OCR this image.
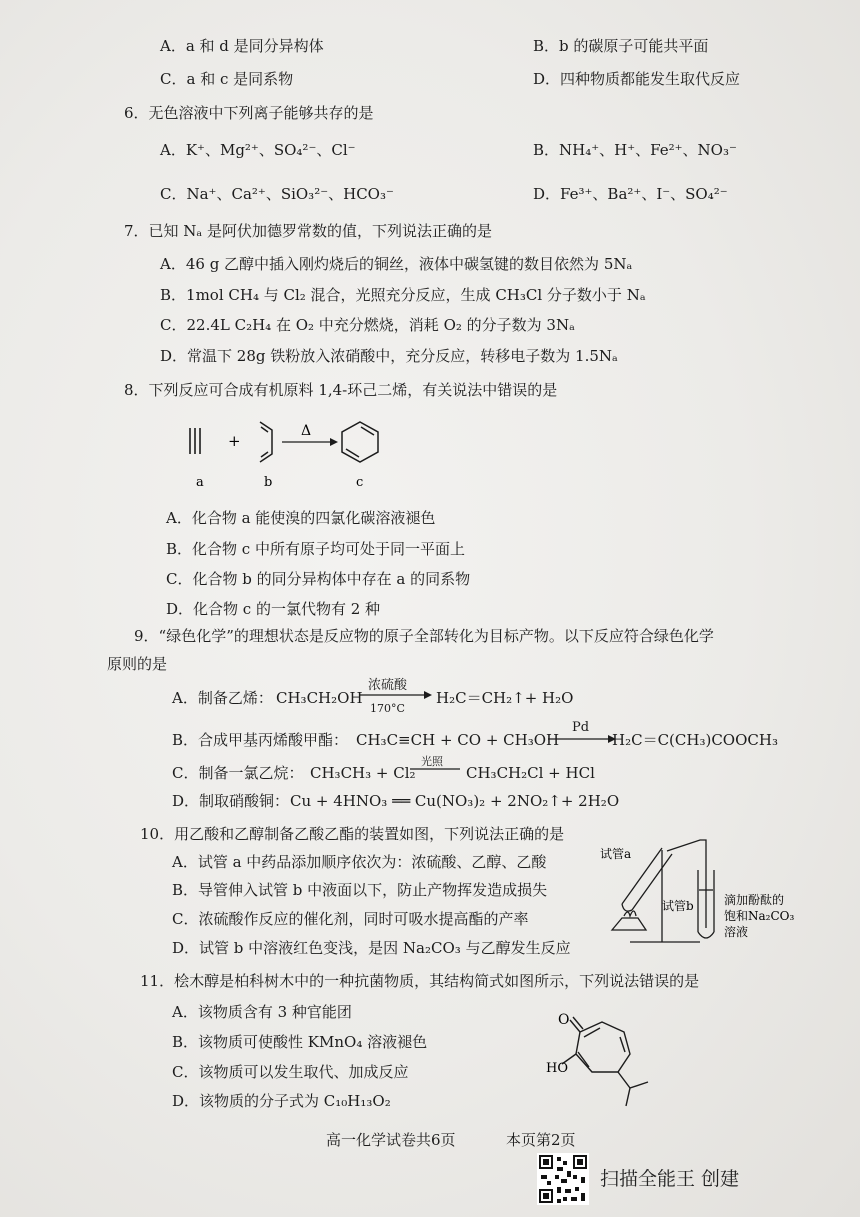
A．a 和 d 是同分异构体	B．b 的碳原子可能共平面
C．a 和 c 是同系物	D．四种物质都能发生取代反应
6．无色溶液中下列离子能够共存的是
A．K⁺、Mg²⁺、SO₄²⁻、Cl⁻	B．NH₄⁺、H⁺、Fe²⁺、NO₃⁻
C．Na⁺、Ca²⁺、SiO₃²⁻、HCO₃⁻	D．Fe³⁺、Ba²⁺、I⁻、SO₄²⁻
7．已知 Nₐ 是阿伏加德罗常数的值，下列说法正确的是
A．46 g 乙醇中插入刚灼烧后的铜丝，液体中碳氢键的数目依然为 5Nₐ
B．1mol CH₄ 与 Cl₂ 混合，光照充分反应，生成 CH₃Cl 分子数小于 Nₐ
C．22.4L C₂H₄ 在 O₂ 中充分燃烧，消耗 O₂ 的分子数为 3Nₐ
D．常温下 28g 铁粉放入浓硝酸中，充分反应，转移电子数为 1.5Nₐ
8．下列反应可合成有机原料 1,4-环己二烯，有关说法中错误的是
+
Δ
a	b	c
A．化合物 a 能使溴的四氯化碳溶液褪色
B．化合物 c 中所有原子均可处于同一平面上
C．化合物 b 的同分异构体中存在 a 的同系物
D．化合物 c 的一氯代物有 2 种
9．“绿色化学”的理想状态是反应物的原子全部转化为目标产物。以下反应符合绿色化学
原则的是
A．制备乙烯： CH₃CH₂OH
浓硫酸
170°C
H₂C＝CH₂↑+ H₂O
B．合成甲基丙烯酸甲酯： CH₃C≡CH + CO + CH₃OH
Pd
H₂C＝C(CH₃)COOCH₃
C．制备一氯乙烷： CH₃CH₃ + Cl₂
光照
CH₃CH₂Cl + HCl
D．制取硝酸铜： Cu + 4HNO₃ ══ Cu(NO₃)₂ + 2NO₂↑+ 2H₂O
10．用乙酸和乙醇制备乙酸乙酯的装置如图，下列说法正确的是
A．试管 a 中药品添加顺序依次为：浓硫酸、乙醇、乙酸
B．导管伸入试管 b 中液面以下，防止产物挥发造成损失
C．浓硫酸作反应的催化剂，同时可吸水提高酯的产率
D．试管 b 中溶液红色变浅，是因 Na₂CO₃ 与乙醇发生反应
试管a
试管b	滴加酚酞的
饱和Na₂CO₃
溶液
11．桧木醇是柏科树木中的一种抗菌物质，其结构简式如图所示，下列说法错误的是
A．该物质含有 3 种官能团
B．该物质可使酸性 KMnO₄ 溶液褪色
C．该物质可以发生取代、加成反应
D．该物质的分子式为 C₁₀H₁₃O₂
O
HO
高一化学试卷共6页	本页第2页
扫描全能王 创建
